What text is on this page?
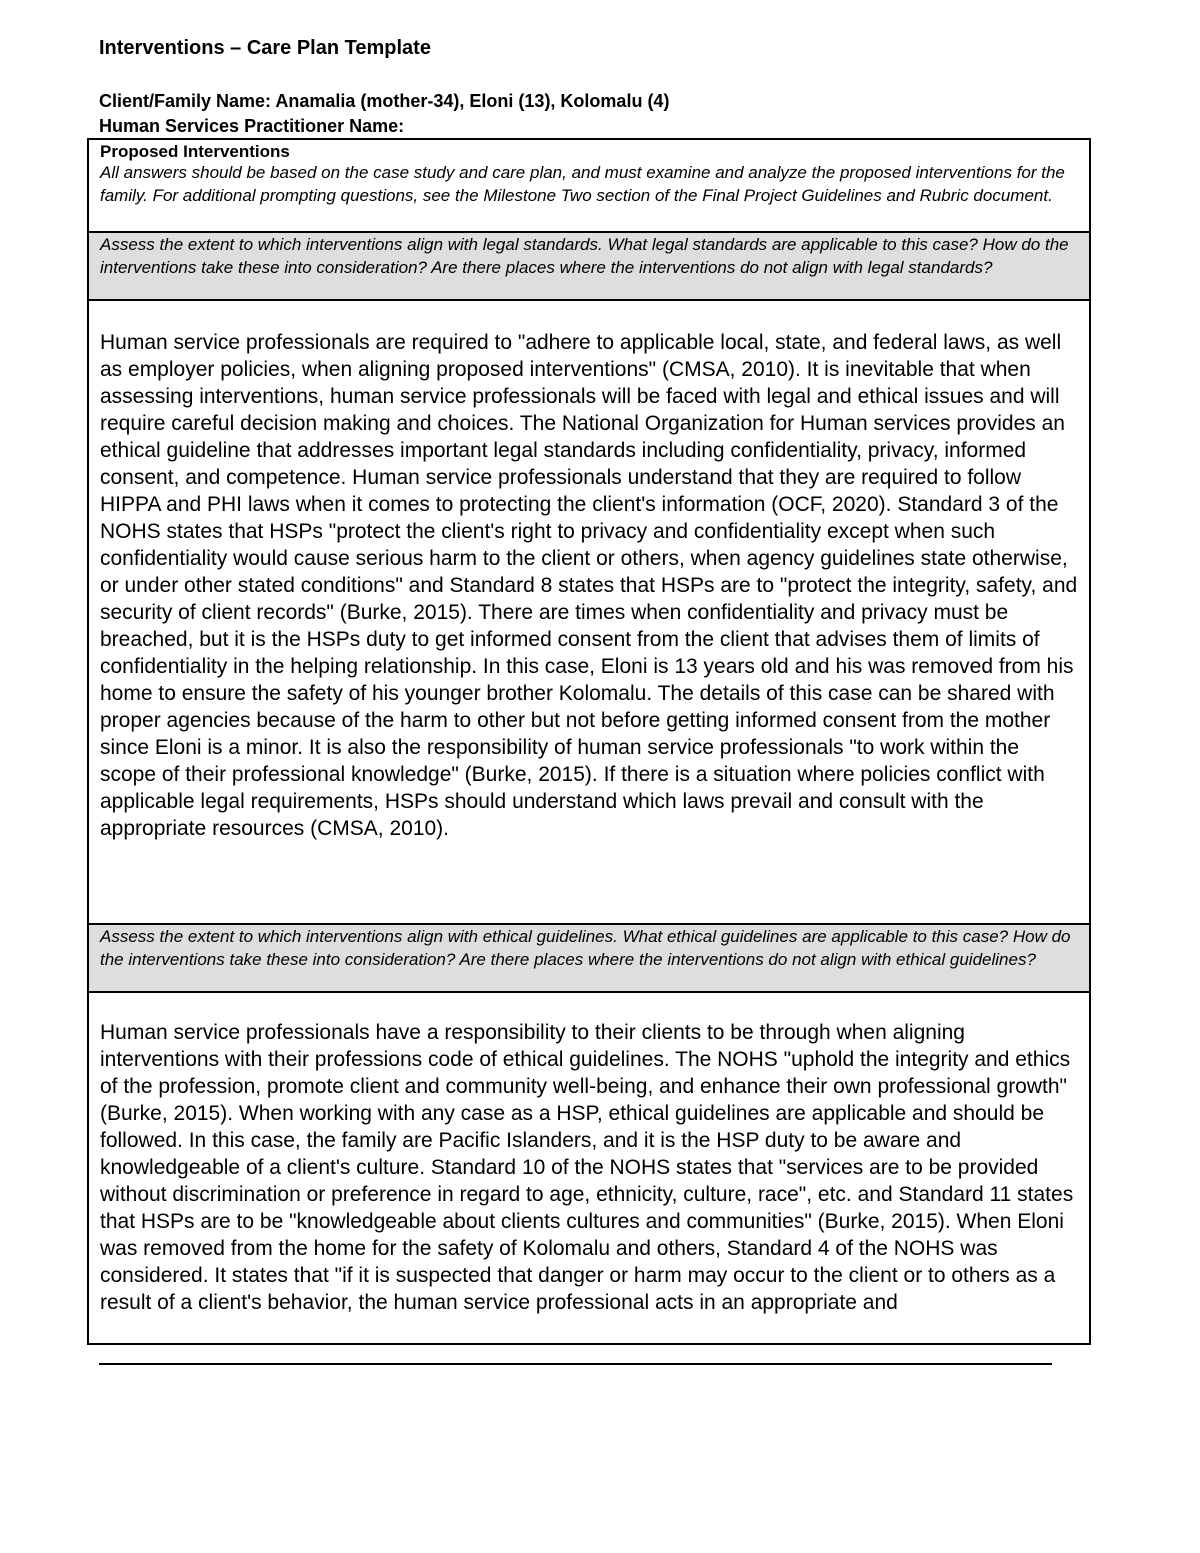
Interventions – Care Plan Template
Client/Family Name: Anamalia (mother-34), Eloni (13), Kolomalu (4)
Human Services Practitioner Name:
Proposed Interventions
All answers should be based on the case study and care plan, and must examine and analyze the proposed interventions for the family. For additional prompting questions, see the Milestone Two section of the Final Project Guidelines and Rubric document.
Assess the extent to which interventions align with legal standards. What legal standards are applicable to this case? How do the interventions take these into consideration? Are there places where the interventions do not align with legal standards?
Human service professionals are required to "adhere to applicable local, state, and federal laws, as well as employer policies, when aligning proposed interventions" (CMSA, 2010). It is inevitable that when assessing interventions, human service professionals will be faced with legal and ethical issues and will require careful decision making and choices. The National Organization for Human services provides an ethical guideline that addresses important legal standards including confidentiality, privacy, informed consent, and competence. Human service professionals understand that they are required to follow HIPPA and PHI laws when it comes to protecting the client's information (OCF, 2020). Standard 3 of the NOHS states that HSPs "protect the client's right to privacy and confidentiality except when such confidentiality would cause serious harm to the client or others, when agency guidelines state otherwise, or under other stated conditions" and Standard 8 states that HSPs are to "protect the integrity, safety, and security of client records" (Burke, 2015). There are times when confidentiality and privacy must be breached, but it is the HSPs duty to get informed consent from the client that advises them of limits of confidentiality in the helping relationship. In this case, Eloni is 13 years old and his was removed from his home to ensure the safety of his younger brother Kolomalu. The details of this case can be shared with proper agencies because of the harm to other but not before getting informed consent from the mother since Eloni is a minor. It is also the responsibility of human service professionals "to work within the scope of their professional knowledge" (Burke, 2015). If there is a situation where policies conflict with applicable legal requirements, HSPs should understand which laws prevail and consult with the appropriate resources (CMSA, 2010).
Assess the extent to which interventions align with ethical guidelines. What ethical guidelines are applicable to this case? How do the interventions take these into consideration? Are there places where the interventions do not align with ethical guidelines?
Human service professionals have a responsibility to their clients to be through when aligning interventions with their professions code of ethical guidelines. The NOHS "uphold the integrity and ethics of the profession, promote client and community well-being, and enhance their own professional growth" (Burke, 2015). When working with any case as a HSP, ethical guidelines are applicable and should be followed. In this case, the family are Pacific Islanders, and it is the HSP duty to be aware and knowledgeable of a client's culture. Standard 10 of the NOHS states that "services are to be provided without discrimination or preference in regard to age, ethnicity, culture, race", etc. and Standard 11 states that HSPs are to be "knowledgeable about clients cultures and communities" (Burke, 2015). When Eloni was removed from the home for the safety of Kolomalu and others, Standard 4 of the NOHS was considered. It states that "if it is suspected that danger or harm may occur to the client or to others as a result of a client's behavior, the human service professional acts in an appropriate and
